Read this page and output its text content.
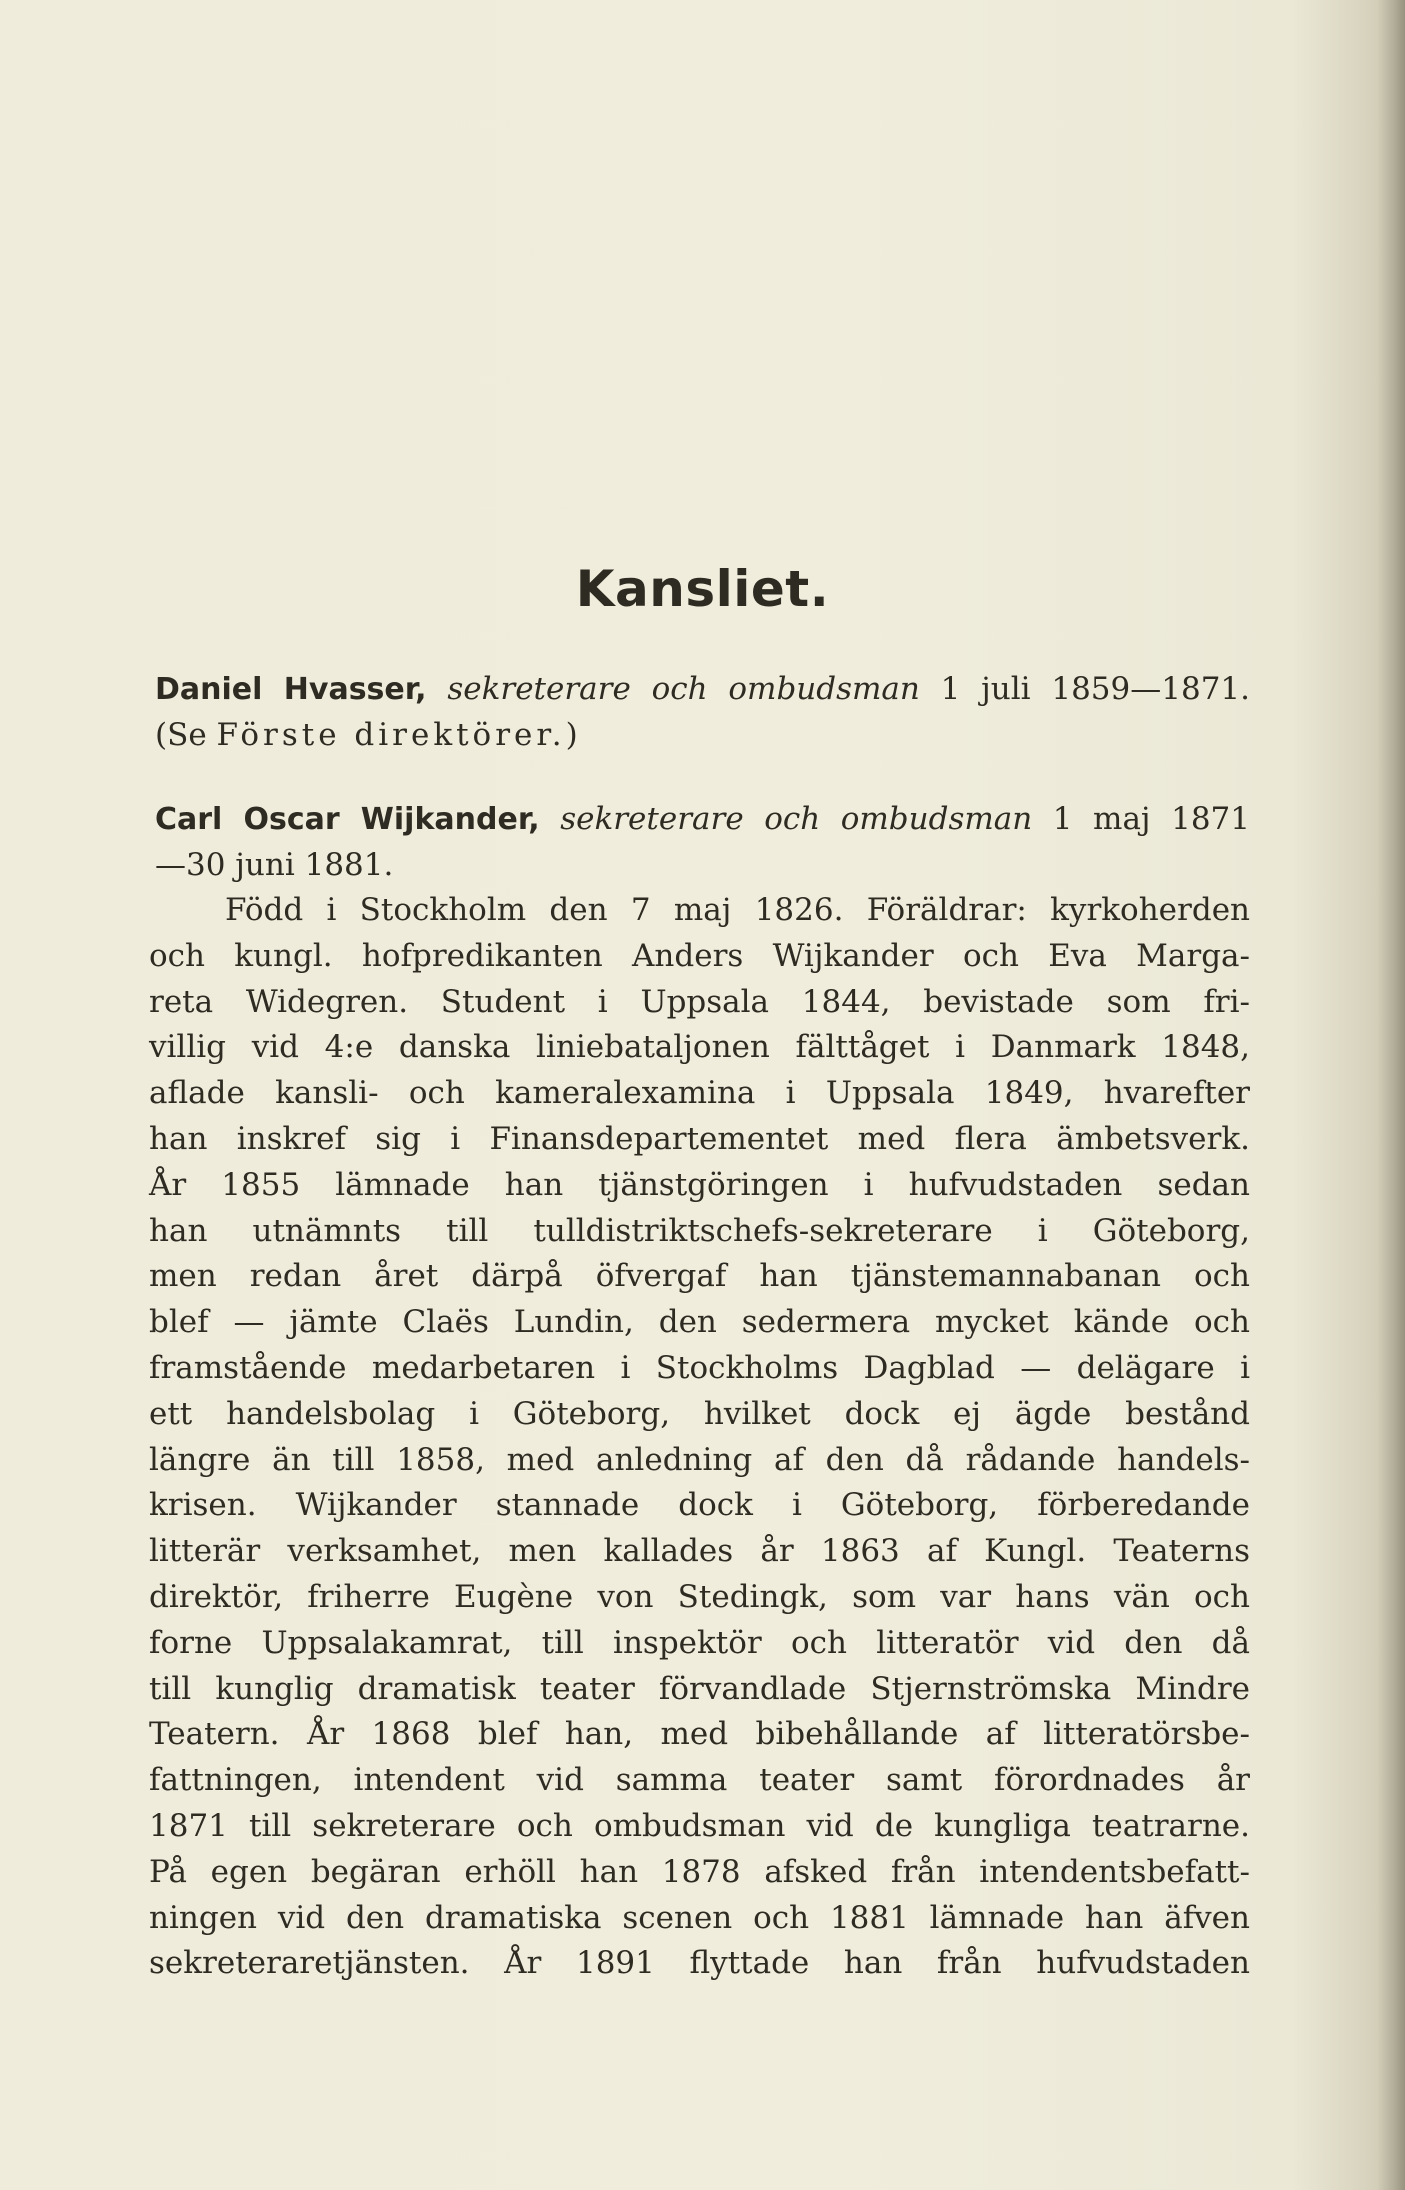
Kansliet.
Daniel Hvasser, sekreterare och ombudsman 1 juli 1859—1871.
(Se Förste direktörer.)
Carl Oscar Wijkander, sekreterare och ombudsman 1 maj 1871
—30 juni 1881.
Född i Stockholm den 7 maj 1826. Föräldrar: kyrkoherden
och kungl. hofpredikanten Anders Wijkander och Eva Marga-
reta Widegren. Student i Uppsala 1844, bevistade som fri-
villig vid 4:e danska liniebataljonen fälttåget i Danmark 1848,
aflade kansli- och kameralexamina i Uppsala 1849, hvarefter
han inskref sig i Finansdepartementet med flera ämbetsverk.
År 1855 lämnade han tjänstgöringen i hufvudstaden sedan
han utnämnts till tulldistriktschefs-sekreterare i Göteborg,
men redan året därpå öfvergaf han tjänstemannabanan och
blef — jämte Claës Lundin, den sedermera mycket kände och
framstående medarbetaren i Stockholms Dagblad — delägare i
ett handelsbolag i Göteborg, hvilket dock ej ägde bestånd
längre än till 1858, med anledning af den då rådande handels-
krisen. Wijkander stannade dock i Göteborg, förberedande
litterär verksamhet, men kallades år 1863 af Kungl. Teaterns
direktör, friherre Eugène von Stedingk, som var hans vän och
forne Uppsalakamrat, till inspektör och litteratör vid den då
till kunglig dramatisk teater förvandlade Stjernströmska Mindre
Teatern. År 1868 blef han, med bibehållande af litteratörsbe-
fattningen, intendent vid samma teater samt förordnades år
1871 till sekreterare och ombudsman vid de kungliga teatrarne.
På egen begäran erhöll han 1878 afsked från intendentsbefatt-
ningen vid den dramatiska scenen och 1881 lämnade han äfven
sekreteraretjänsten. År 1891 flyttade han från hufvudstaden
